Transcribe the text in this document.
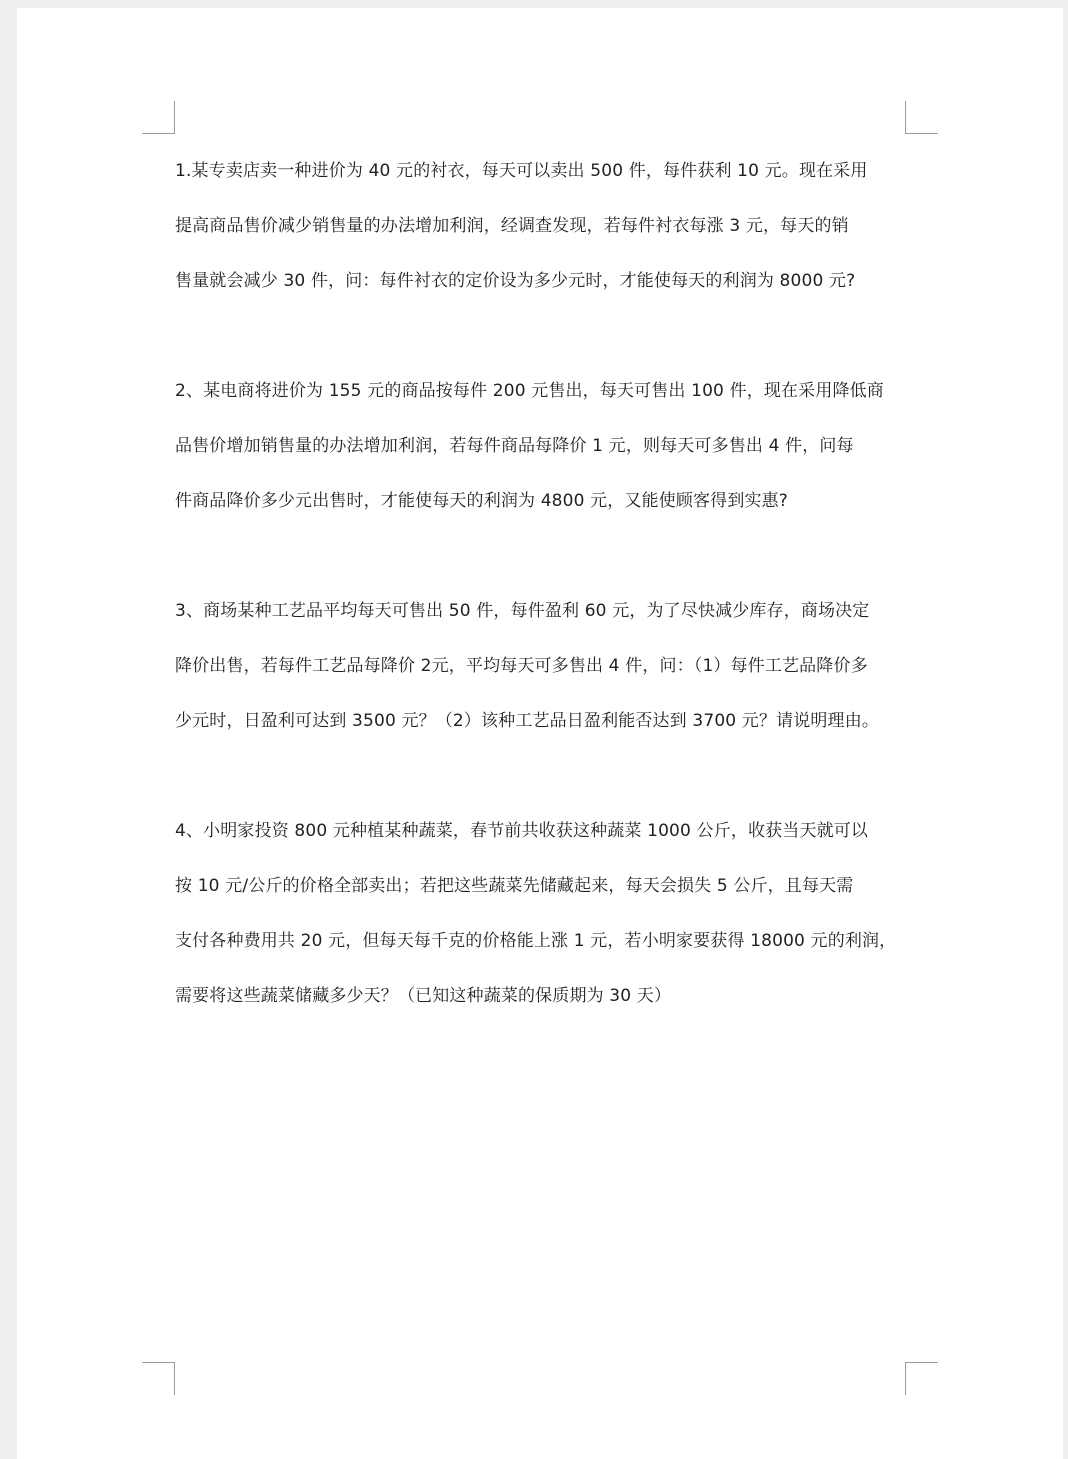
1.某专卖店卖一种进价为 40 元的衬衣，每天可以卖出 500 件，每件获利 10 元。现在采用
提高商品售价减少销售量的办法增加利润，经调查发现，若每件衬衣每涨 3 元，每天的销
售量就会减少 30 件，问：每件衬衣的定价设为多少元时，才能使每天的利润为 8000 元?
2、某电商将进价为 155 元的商品按每件 200 元售出，每天可售出 100 件，现在采用降低商
品售价增加销售量的办法增加利润，若每件商品每降价 1 元，则每天可多售出 4 件，问每
件商品降价多少元出售时，才能使每天的利润为 4800 元，又能使顾客得到实惠?
3、商场某种工艺品平均每天可售出 50 件，每件盈利 60 元，为了尽快减少库存，商场决定
降价出售，若每件工艺品每降价 2元，平均每天可多售出 4 件，问：（1）每件工艺品降价多
少元时，日盈利可达到 3500 元？（2）该种工艺品日盈利能否达到 3700 元？请说明理由。
4、小明家投资 800 元种植某种蔬菜，春节前共收获这种蔬菜 1000 公斤，收获当天就可以
按 10 元/公斤的价格全部卖出；若把这些蔬菜先储藏起来，每天会损失 5 公斤，且每天需
支付各种费用共 20 元，但每天每千克的价格能上涨 1 元，若小明家要获得 18000 元的利润，
需要将这些蔬菜储藏多少天？（已知这种蔬菜的保质期为 30 天）
